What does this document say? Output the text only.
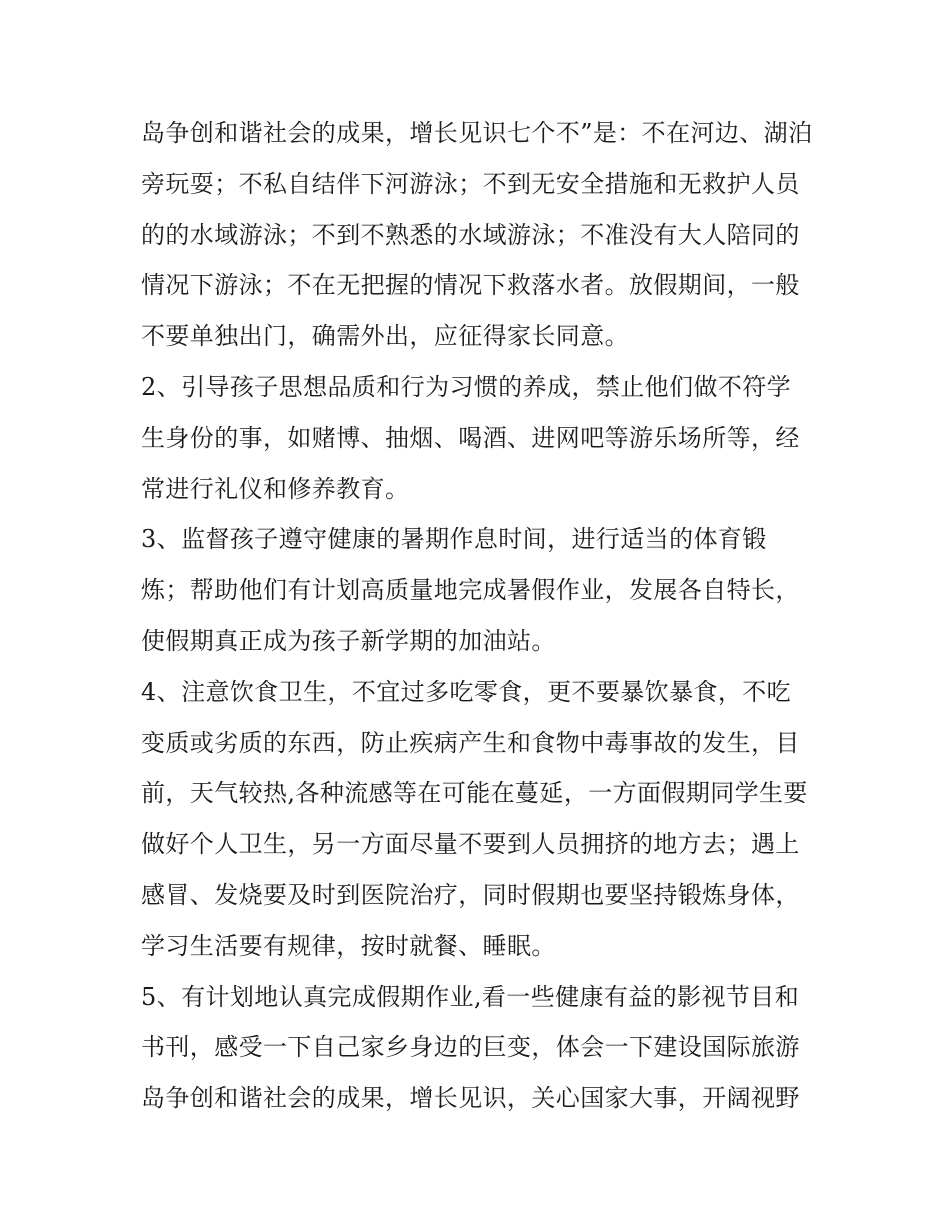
岛争创和谐社会的成果，增长见识七个不”是：不在河边、湖泊旁玩耍；不私自结伴下河游泳；不到无安全措施和无救护人员的的水域游泳；不到不熟悉的水域游泳；不准没有大人陪同的情况下游泳；不在无把握的情况下救落水者。放假期间，一般不要单独出门，确需外出，应征得家长同意。

2、引导孩子思想品质和行为习惯的养成，禁止他们做不符学生身份的事，如赌博、抽烟、喝酒、进网吧等游乐场所等，经常进行礼仪和修养教育。

3、监督孩子遵守健康的暑期作息时间，进行适当的体育锻炼；帮助他们有计划高质量地完成暑假作业，发展各自特长，使假期真正成为孩子新学期的加油站。

4、注意饮食卫生，不宜过多吃零食，更不要暴饮暴食，不吃变质或劣质的东西，防止疾病产生和食物中毒事故的发生，目前，天气较热,各种流感等在可能在蔓延，一方面假期同学生要做好个人卫生，另一方面尽量不要到人员拥挤的地方去；遇上感冒、发烧要及时到医院治疗，同时假期也要坚持锻炼身体，学习生活要有规律，按时就餐、睡眠。

5、有计划地认真完成假期作业,看一些健康有益的影视节目和书刊，感受一下自己家乡身边的巨变，体会一下建设国际旅游岛争创和谐社会的成果，增长见识，关心国家大事，开阔视野
